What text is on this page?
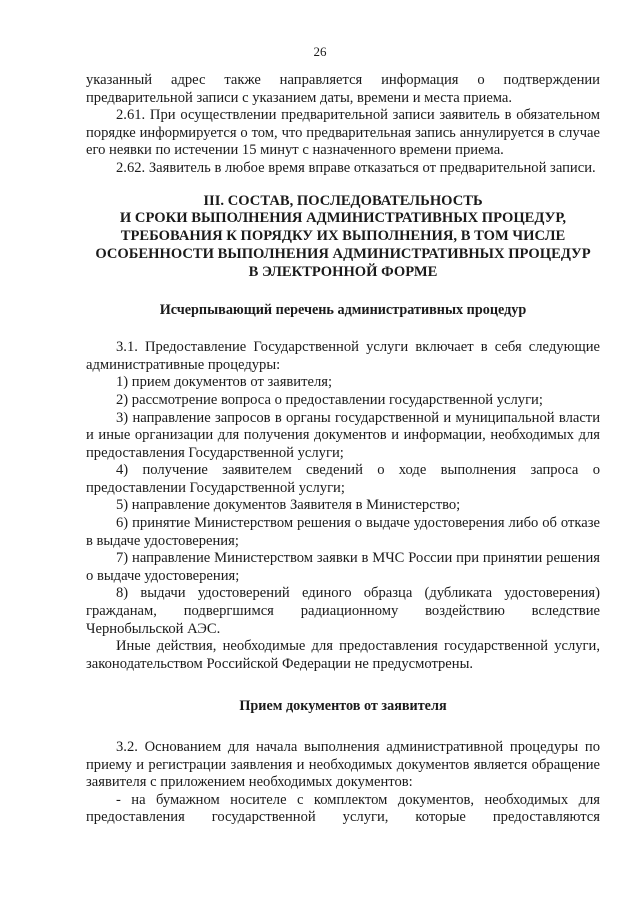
26

указанный адрес также направляется информация о подтверждении предварительной записи с указанием даты, времени и места приема.

2.61. При осуществлении предварительной записи заявитель в обязательном порядке информируется о том, что предварительная запись аннулируется в случае его неявки по истечении 15 минут с назначенного времени приема.

2.62. Заявитель в любое время вправе отказаться от предварительной записи.

III. СОСТАВ, ПОСЛЕДОВАТЕЛЬНОСТЬ
И СРОКИ ВЫПОЛНЕНИЯ АДМИНИСТРАТИВНЫХ ПРОЦЕДУР,
ТРЕБОВАНИЯ К ПОРЯДКУ ИХ ВЫПОЛНЕНИЯ, В ТОМ ЧИСЛЕ
ОСОБЕННОСТИ ВЫПОЛНЕНИЯ АДМИНИСТРАТИВНЫХ ПРОЦЕДУР
В ЭЛЕКТРОННОЙ ФОРМЕ
Исчерпывающий перечень административных процедур

3.1. Предоставление Государственной услуги включает в себя следующие административные процедуры:

1) прием документов от заявителя;

2) рассмотрение вопроса о предоставлении государственной услуги;

3) направление запросов в органы государственной и муниципальной власти и иные организации для получения документов и информации, необходимых для предоставления Государственной услуги;

4) получение заявителем сведений о ходе выполнения запроса о предоставлении Государственной услуги;

5) направление документов Заявителя в Министерство;

6) принятие Министерством решения о выдаче удостоверения либо об отказе в выдаче удостоверения;

7) направление Министерством заявки в МЧС России при принятии решения о выдаче удостоверения;

8) выдачи удостоверений единого образца (дубликата удостоверения) гражданам, подвергшимся радиационному воздействию вследствие Чернобыльской АЭС.

Иные действия, необходимые для предоставления государственной услуги, законодательством Российской Федерации не предусмотрены.

Прием документов от заявителя

3.2. Основанием для начала выполнения административной процедуры по приему и регистрации заявления и необходимых документов является обращение заявителя с приложением необходимых документов:

- на бумажном носителе с комплектом документов, необходимых для предоставления государственной услуги, которые предоставляются
